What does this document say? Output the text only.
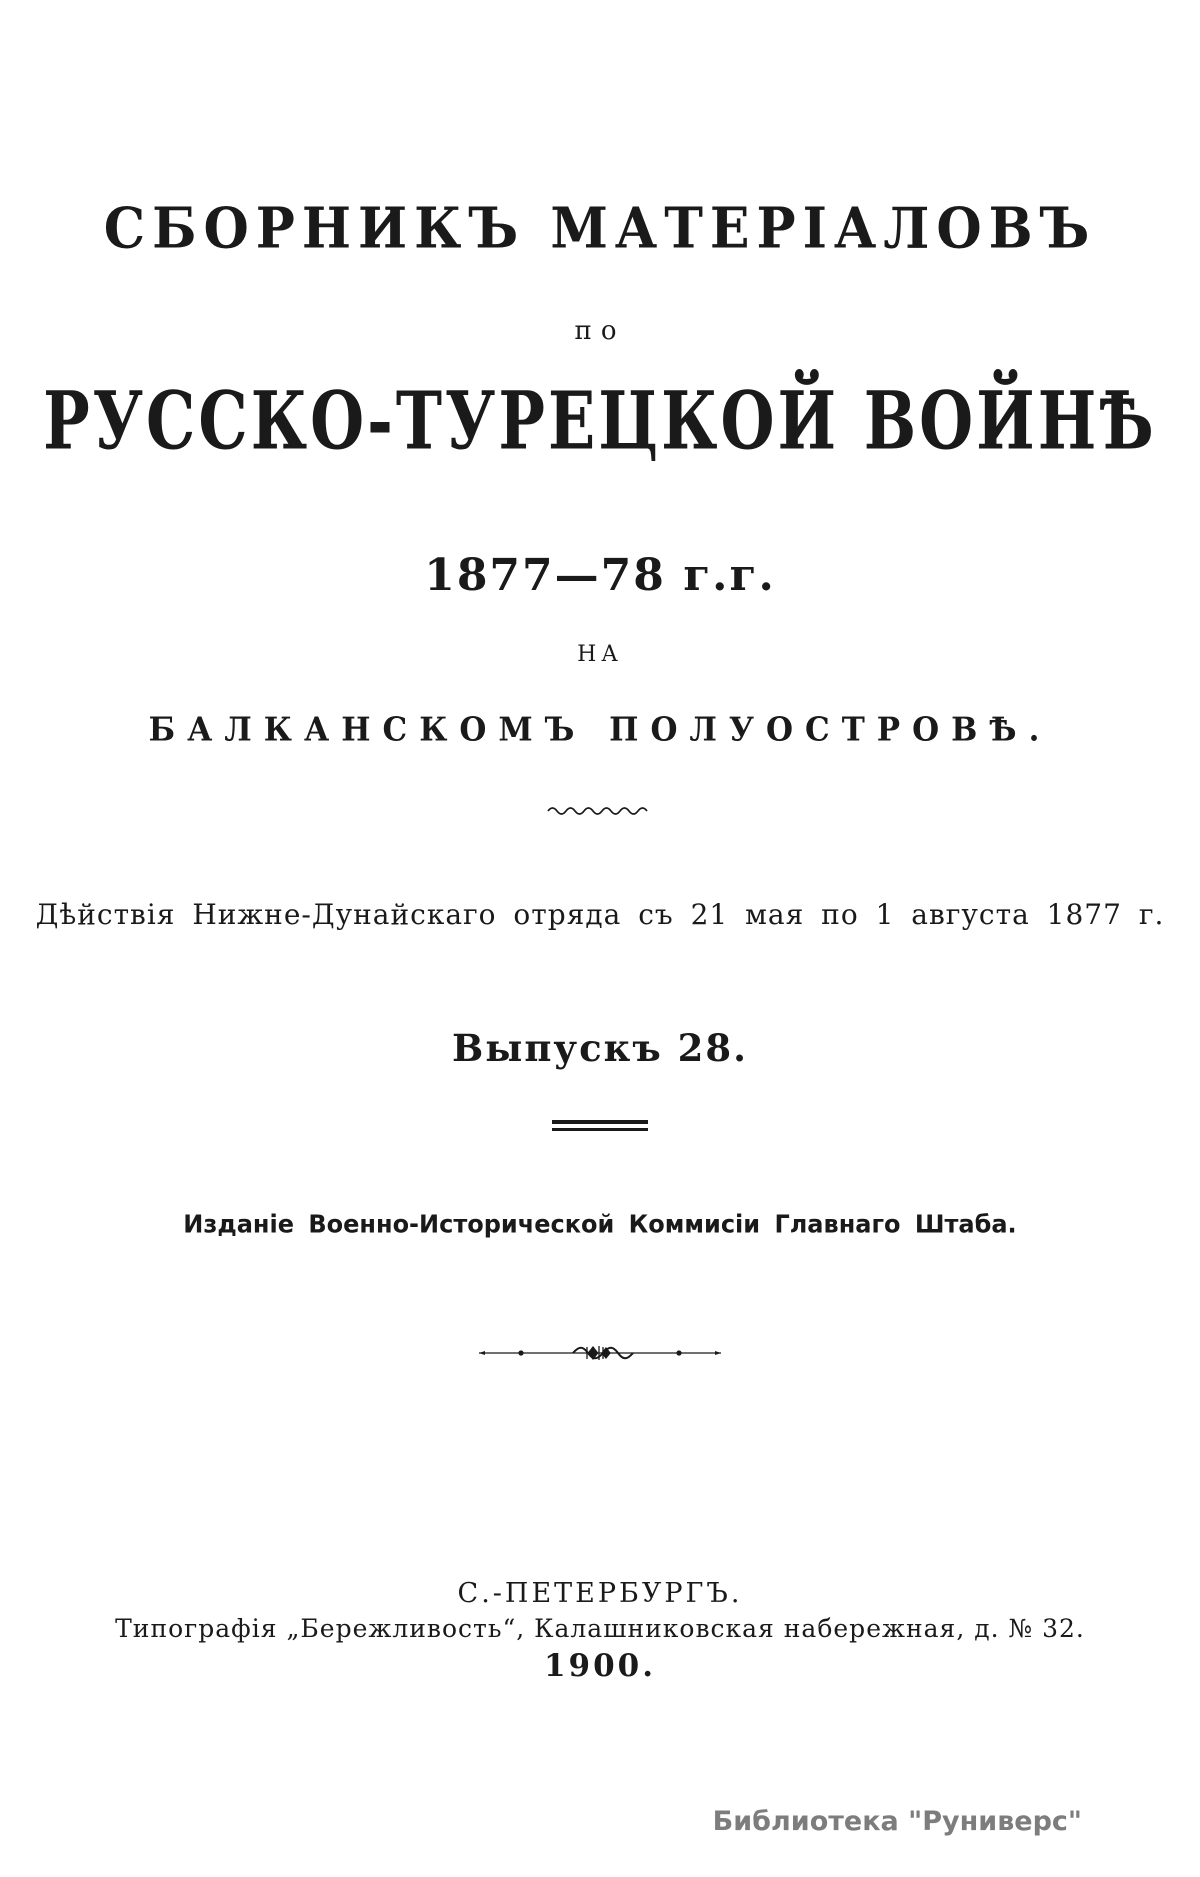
СБОРНИКЪ МАТЕРІАЛОВЪ
по
РУССКО-ТУРЕЦКОЙ ВОЙНѢ
1877—78 г.г.
НА
БАЛКАНСКОМЪ ПОЛУОСТРОВѢ.
Дѣйствія Нижне-Дунайскаго отряда съ 21 мая по 1 августа 1877 г.
Выпускъ 28.
Изданіе Военно-Исторической Коммисіи Главнаго Штаба.
С.-ПЕТЕРБУРГЪ.
Типографія „Бережливость“, Калашниковская набережная, д. № 32.
1900.
Библиотека "Руниверс"
